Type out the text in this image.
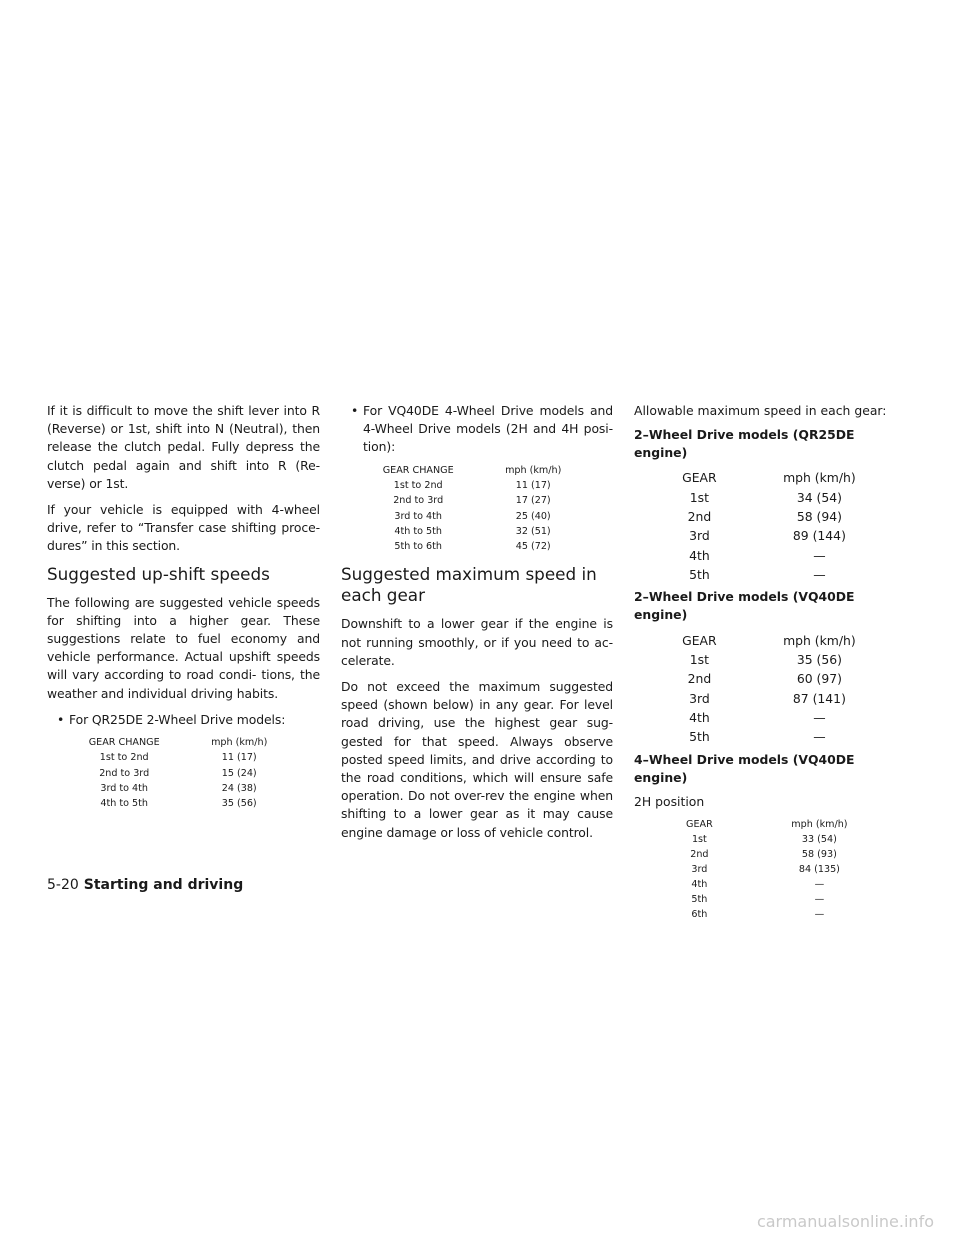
If it is difficult to move the shift lever into R (Reverse) or 1st, shift into N (Neutral), then release the clutch pedal. Fully depress the clutch pedal again and shift into R (Re- verse) or 1st.

If your vehicle is equipped with 4-wheel drive, refer to “Transfer case shifting proce- dures” in this section.

Suggested up-shift speeds

The following are suggested vehicle speeds for shifting into a higher gear. These suggestions relate to fuel economy and vehicle performance. Actual upshift speeds will vary according to road condi- tions, the weather and individual driving habits.

• For QR25DE 2-Wheel Drive models:
GEAR CHANGE	mph (km/h)
1st to 2nd	11 (17)
2nd to 3rd	15 (24)
3rd to 4th	24 (38)
4th to 5th	35 (56)
• For VQ40DE 4-Wheel Drive models and 4-Wheel Drive models (2H and 4H posi- tion):
GEAR CHANGE	mph (km/h)
1st to 2nd	11 (17)
2nd to 3rd	17 (27)
3rd to 4th	25 (40)
4th to 5th	32 (51)
5th to 6th	45 (72)
Suggested maximum speed in each gear

Downshift to a lower gear if the engine is not running smoothly, or if you need to ac- celerate.

Do not exceed the maximum suggested speed (shown below) in any gear. For level road driving, use the highest gear sug- gested for that speed. Always observe posted speed limits, and drive according to the road conditions, which will ensure safe operation. Do not over-rev the engine when shifting to a lower gear as it may cause engine damage or loss of vehicle control.

Allowable maximum speed in each gear:

2–Wheel Drive models (QR25DE engine)

GEAR	mph (km/h)
1st	34 (54)
2nd	58 (94)
3rd	89 (144)
4th	—
5th	—

2–Wheel Drive models (VQ40DE engine)

GEAR	mph (km/h)
1st	35 (56)
2nd	60 (97)
3rd	87 (141)
4th	—
5th	—

4–Wheel Drive models (VQ40DE engine)

2H position

GEAR	mph (km/h)
1st	33 (54)
2nd	58 (93)
3rd	84 (135)
4th	—
5th	—
6th	—
5-20 Starting and driving
carmanualsonline.info
